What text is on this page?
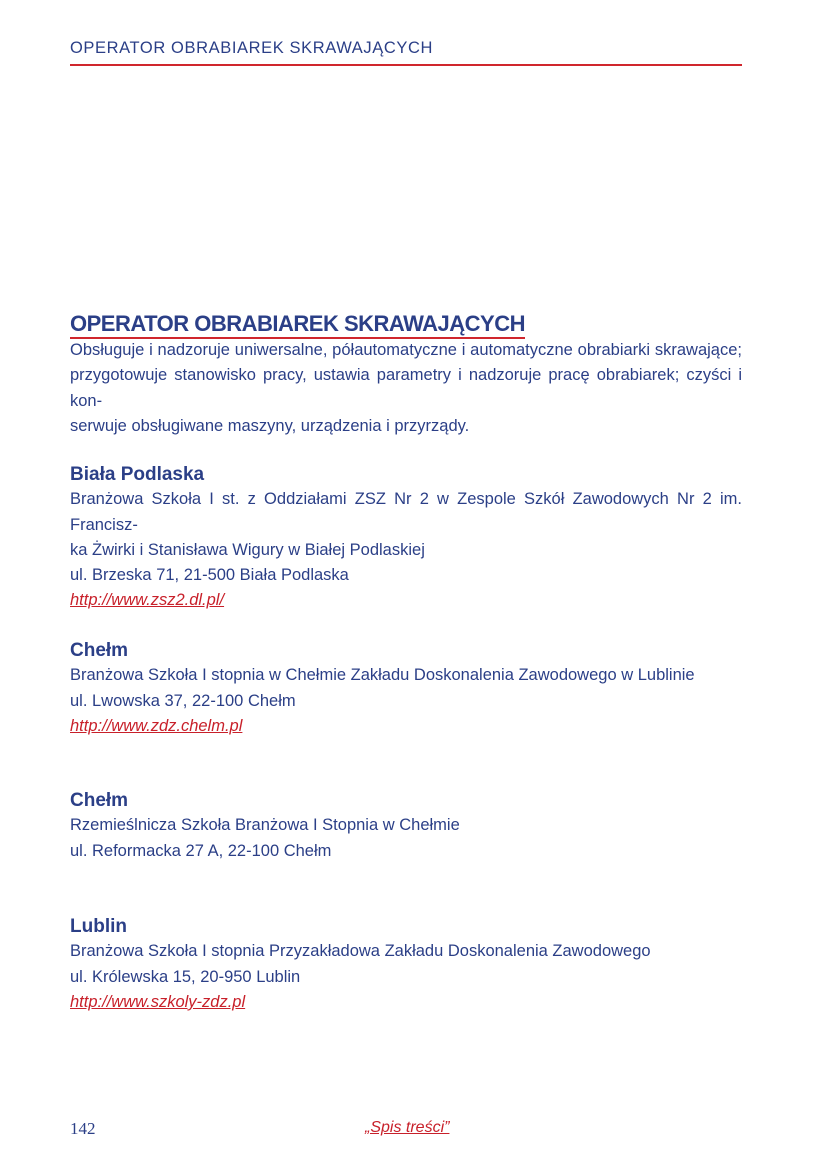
OPERATOR OBRABIAREK SKRAWAJĄCYCH
OPERATOR OBRABIAREK SKRAWAJĄCYCH
Obsługuje i nadzoruje uniwersalne, półautomatyczne i automatyczne obrabiarki skrawające;
przygotowuje stanowisko pracy, ustawia parametry i nadzoruje pracę obrabiarek; czyści i kon-
serwuje obsługiwane maszyny, urządzenia i przyrządy.
Biała Podlaska
Branżowa Szkoła I st. z Oddziałami ZSZ Nr 2 w Zespole Szkół Zawodowych Nr 2 im. Francisz-
ka Żwirki i Stanisława Wigury w Białej Podlaskiej
ul. Brzeska 71, 21-500 Biała Podlaska
http://www.zsz2.dl.pl/
Chełm
Branżowa Szkoła I stopnia w Chełmie Zakładu Doskonalenia Zawodowego w Lublinie
ul. Lwowska 37, 22-100 Chełm
http://www.zdz.chelm.pl
Chełm
Rzemieślnicza Szkoła Branżowa I Stopnia w Chełmie
ul. Reformacka 27 A, 22-100 Chełm
Lublin
Branżowa Szkoła I stopnia Przyzakładowa Zakładu Doskonalenia Zawodowego
ul. Królewska 15, 20-950 Lublin
http://www.szkoly-zdz.pl
142	„Spis treści”
